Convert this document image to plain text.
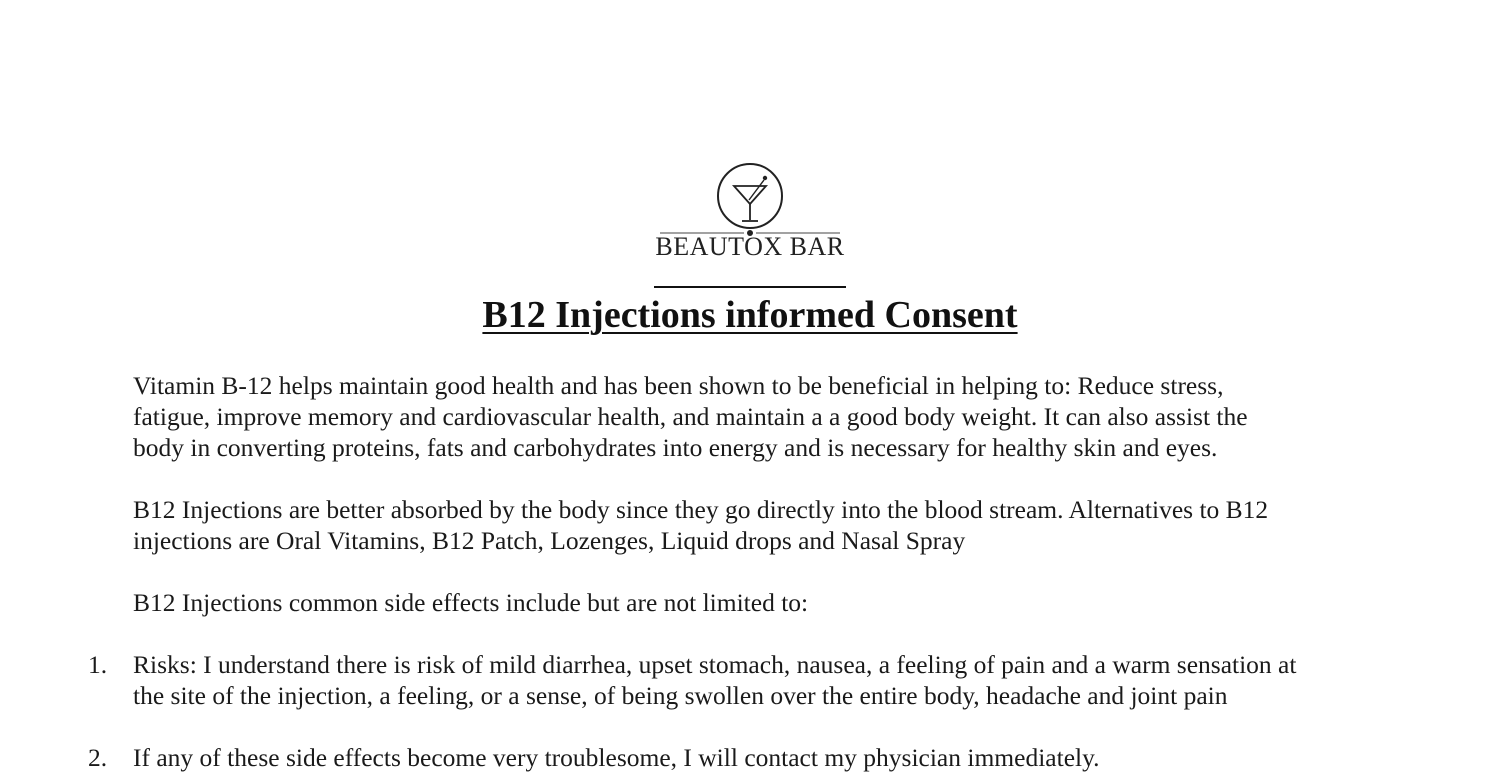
BEAUTOX BAR
B12 Injections informed Consent

Vitamin B-12 helps maintain good health and has been shown to be beneficial in helping to: Reduce stress,
fatigue, improve memory and cardiovascular health, and maintain a a good body weight. It can also assist the
body in converting proteins, fats and carbohydrates into energy and is necessary for healthy skin and eyes.

B12 Injections are better absorbed by the body since they go directly into the blood stream. Alternatives to B12
injections are Oral Vitamins, B12 Patch, Lozenges, Liquid drops and Nasal Spray

B12 Injections common side effects include but are not limited to:

1. Risks: I understand there is risk of mild diarrhea, upset stomach, nausea, a feeling of pain and a warm sensation at
the site of the injection, a feeling, or a sense, of being swollen over the entire body, headache and joint pain
2. If any of these side effects become very troublesome, I will contact my physician immediately.
